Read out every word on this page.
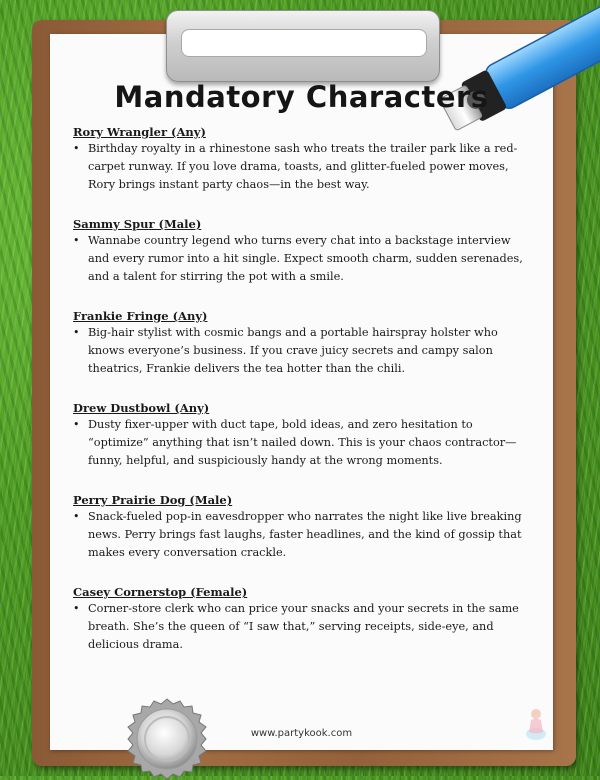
Mandatory Characters

Rory Wrangler (Any)

• Birthday royalty in a rhinestone sash who treats the trailer park like a red-carpet runway. If you love drama, toasts, and glitter-fueled power moves, Rory brings instant party chaos—in the best way.

Sammy Spur (Male)

• Wannabe country legend who turns every chat into a backstage interview and every rumor into a hit single. Expect smooth charm, sudden serenades, and a talent for stirring the pot with a smile.

Frankie Fringe (Any)

• Big-hair stylist with cosmic bangs and a portable hairspray holster who knows everyone’s business. If you crave juicy secrets and campy salon theatrics, Frankie delivers the tea hotter than the chili.

Drew Dustbowl (Any)

• Dusty fixer-upper with duct tape, bold ideas, and zero hesitation to “optimize” anything that isn’t nailed down. This is your chaos contractor—funny, helpful, and suspiciously handy at the wrong moments.

Perry Prairie Dog (Male)

• Snack-fueled pop-in eavesdropper who narrates the night like live breaking news. Perry brings fast laughs, faster headlines, and the kind of gossip that makes every conversation crackle.

Casey Cornerstop (Female)

• Corner-store clerk who can price your snacks and your secrets in the same breath. She’s the queen of “I saw that,” serving receipts, side-eye, and delicious drama.

www.partykook.com
